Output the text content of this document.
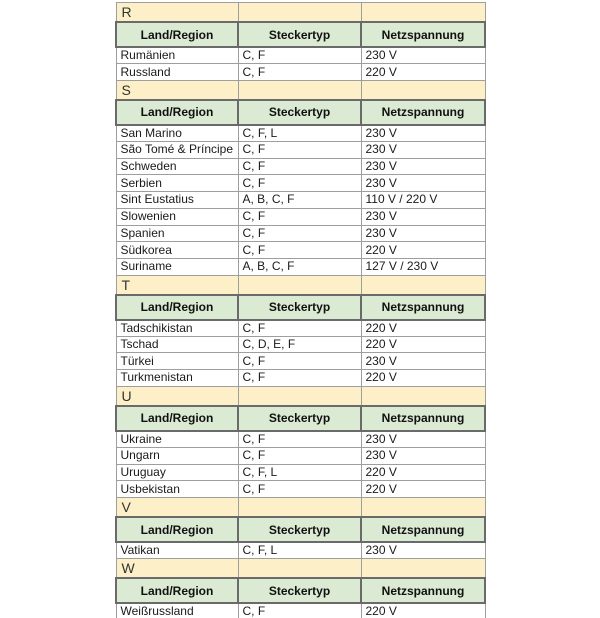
R		
Land/Region	Steckertyp	Netzspannung
Rumänien	C, F	230 V
Russland	C, F	220 V
S		
Land/Region	Steckertyp	Netzspannung
San Marino	C, F, L	230 V
São Tomé & Príncipe	C, F	230 V
Schweden	C, F	230 V
Serbien	C, F	230 V
Sint Eustatius	A, B, C, F	110 V / 220 V
Slowenien	C, F	230 V
Spanien	C, F	230 V
Südkorea	C, F	220 V
Suriname	A, B, C, F	127 V / 230 V
T		
Land/Region	Steckertyp	Netzspannung
Tadschikistan	C, F	220 V
Tschad	C, D, E, F	220 V
Türkei	C, F	230 V
Turkmenistan	C, F	220 V
U		
Land/Region	Steckertyp	Netzspannung
Ukraine	C, F	230 V
Ungarn	C, F	230 V
Uruguay	C, F, L	220 V
Usbekistan	C, F	220 V
V		
Land/Region	Steckertyp	Netzspannung
Vatikan	C, F, L	230 V
W		
Land/Region	Steckertyp	Netzspannung
Weißrussland	C, F	220 V
